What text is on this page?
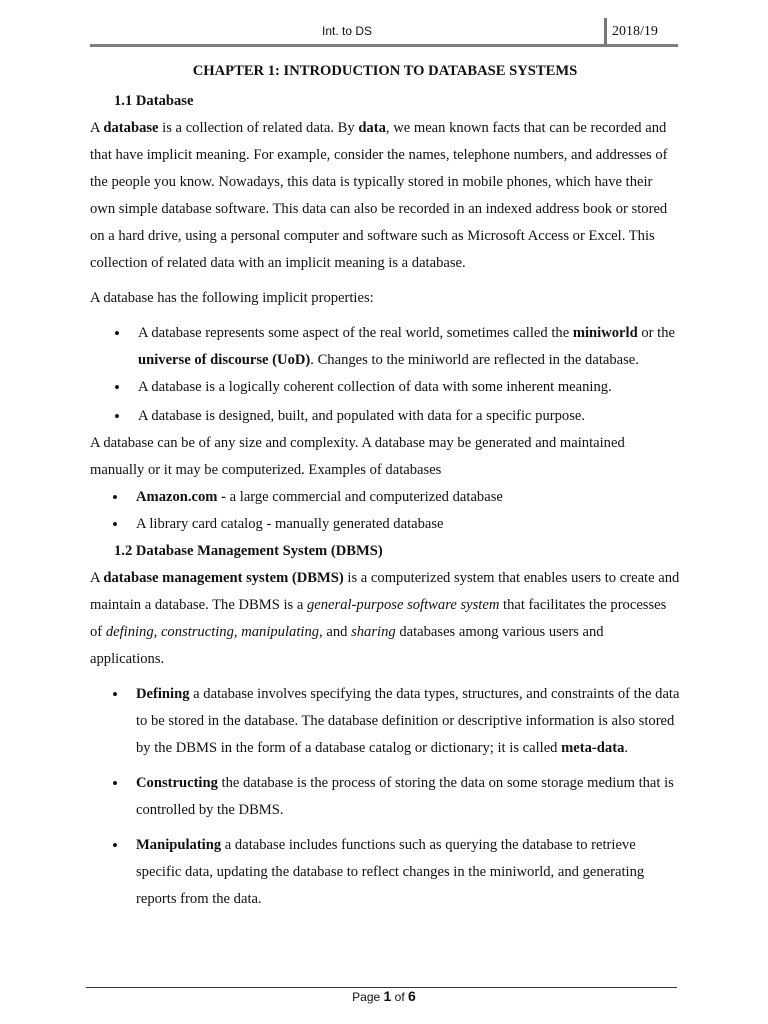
Int. to DS	2018/19

CHAPTER 1: INTRODUCTION TO DATABASE SYSTEMS

1.1 Database

A database is a collection of related data. By data, we mean known facts that can be recorded and that have implicit meaning. For example, consider the names, telephone numbers, and addresses of the people you know. Nowadays, this data is typically stored in mobile phones, which have their own simple database software. This data can also be recorded in an indexed address book or stored on a hard drive, using a personal computer and software such as Microsoft Access or Excel. This collection of related data with an implicit meaning is a database.

A database has the following implicit properties:

• A database represents some aspect of the real world, sometimes called the miniworld or the universe of discourse (UoD). Changes to the miniworld are reflected in the database.
• A database is a logically coherent collection of data with some inherent meaning.
• A database is designed, built, and populated with data for a specific purpose.

A database can be of any size and complexity. A database may be generated and maintained manually or it may be computerized. Examples of databases

• Amazon.com - a large commercial and computerized database
• A library card catalog - manually generated database

1.2 Database Management System (DBMS)

A database management system (DBMS) is a computerized system that enables users to create and maintain a database. The DBMS is a general-purpose software system that facilitates the processes of defining, constructing, manipulating, and sharing databases among various users and applications.

• Defining a database involves specifying the data types, structures, and constraints of the data to be stored in the database. The database definition or descriptive information is also stored by the DBMS in the form of a database catalog or dictionary; it is called meta-data.
• Constructing the database is the process of storing the data on some storage medium that is controlled by the DBMS.
• Manipulating a database includes functions such as querying the database to retrieve specific data, updating the database to reflect changes in the miniworld, and generating reports from the data.
Page 1 of 6
